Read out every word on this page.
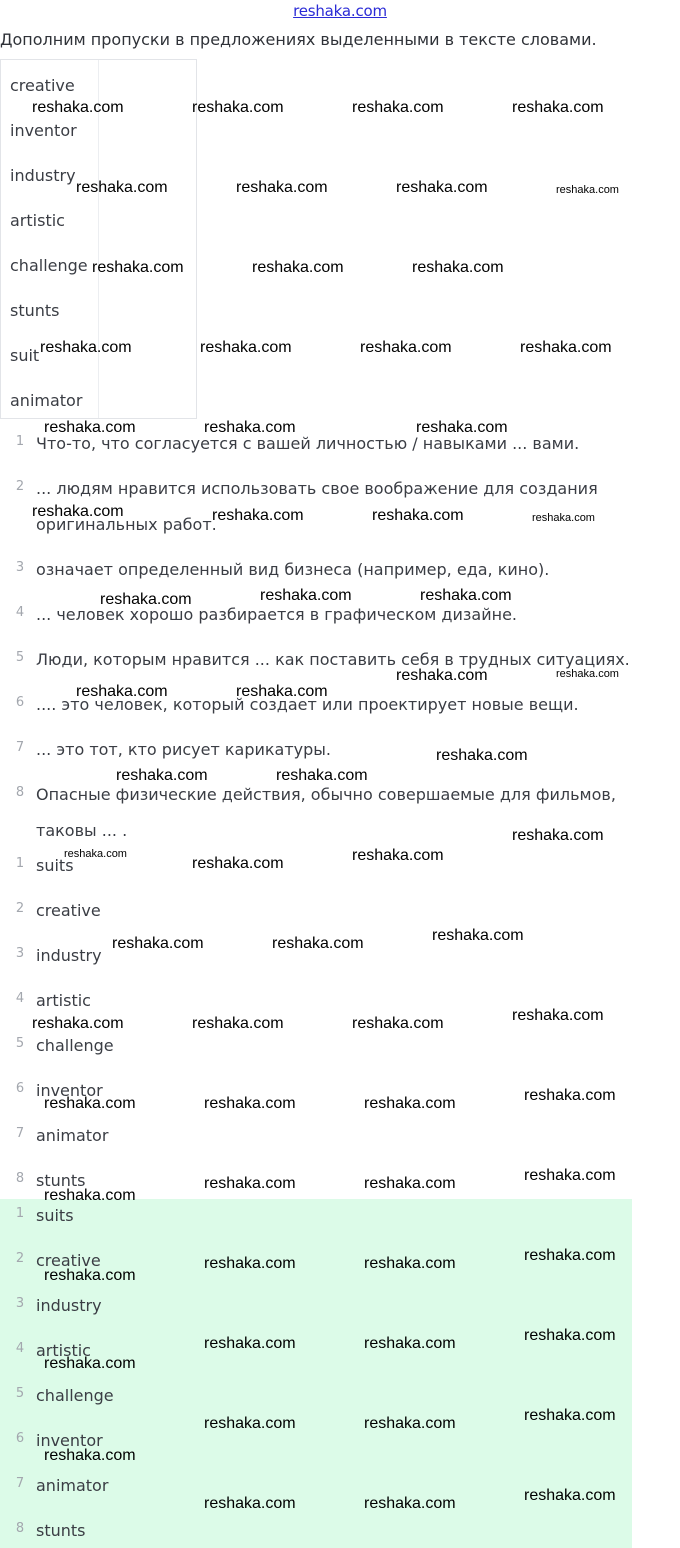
reshaka.com
Дополним пропуски в предложениях выделенными в тексте словами.
creative
inventor
industry
artistic
challenge
stunts
suit
animator
1 Что-то, что согласуется с вашей личностью / навыками ... вами.
2 ... людям нравится использовать свое воображение для создания
оригинальных работ.
3 означает определенный вид бизнеса (например, еда, кино).
4 ... человек хорошо разбирается в графическом дизайне.
5 Люди, которым нравится ... как поставить себя в трудных ситуациях.
6 .... это человек, который создает или проектирует новые вещи.
7 ... это тот, кто рисует карикатуры.
8 Опасные физические действия, обычно совершаемые для фильмов,
таковы ... .
1 suits
2 creative
3 industry
4 artistic
5 challenge
6 inventor
7 animator
8 stunts
1 suits
2 creative
3 industry
4 artistic
5 challenge
6 inventor
7 animator
8 stunts
reshaka.com	reshaka.com	reshaka.com	reshaka.com
reshaka.com	reshaka.com	reshaka.com	reshaka.com
reshaka.com	reshaka.com	reshaka.com
reshaka.com	reshaka.com	reshaka.com	reshaka.com
reshaka.com	reshaka.com	reshaka.com
reshaka.com	reshaka.com	reshaka.com	reshaka.com
reshaka.com	reshaka.com	reshaka.com
reshaka.com	reshaka.com
reshaka.com	reshaka.com
reshaka.com
reshaka.com	reshaka.com
reshaka.com
reshaka.com
reshaka.com	reshaka.com
reshaka.com	reshaka.com	reshaka.com
reshaka.com	reshaka.com	reshaka.com	reshaka.com
reshaka.com	reshaka.com	reshaka.com	reshaka.com
reshaka.com
reshaka.com	reshaka.com
reshaka.com
reshaka.com
reshaka.com	reshaka.com
reshaka.com
reshaka.com
reshaka.com	reshaka.com
reshaka.com
reshaka.com
reshaka.com	reshaka.com
reshaka.com
reshaka.com
reshaka.com	reshaka.com
